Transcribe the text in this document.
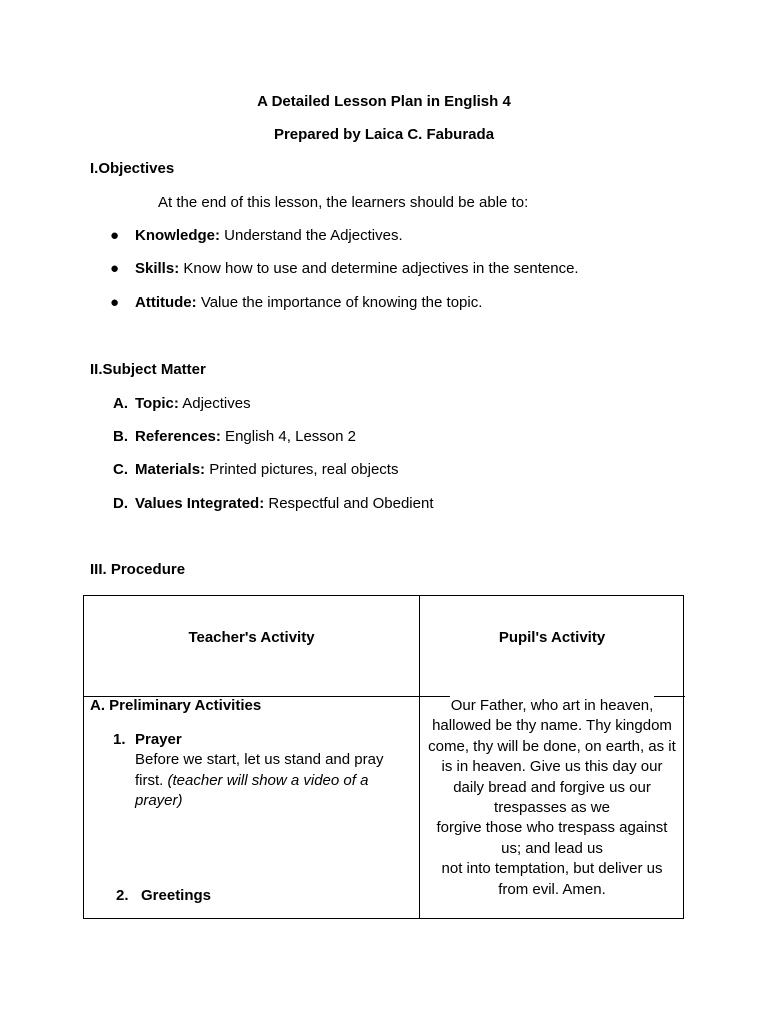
A Detailed Lesson Plan in English 4
Prepared by Laica C. Faburada
I.Objectives
At the end of this lesson, the learners should be able to:
● Knowledge: Understand the Adjectives.
● Skills: Know how to use and determine adjectives in the sentence.
● Attitude: Value the importance of knowing the topic.
II.Subject Matter
A. Topic: Adjectives
B. References: English 4, Lesson 2
C. Materials: Printed pictures, real objects
D. Values Integrated: Respectful and Obedient
III. Procedure
Teacher's Activity	Pupil's Activity
A. Preliminary Activities
1. Prayer
Before we start, let us stand and pray
first. (teacher will show a video of a
prayer)
2. Greetings
Our Father, who art in heaven,
hallowed be thy name. Thy kingdom
come, thy will be done, on earth, as it
is in heaven. Give us this day our
daily bread and forgive us our
trespasses as we
forgive those who trespass against
us; and lead us
not into temptation, but deliver us
from evil. Amen.
